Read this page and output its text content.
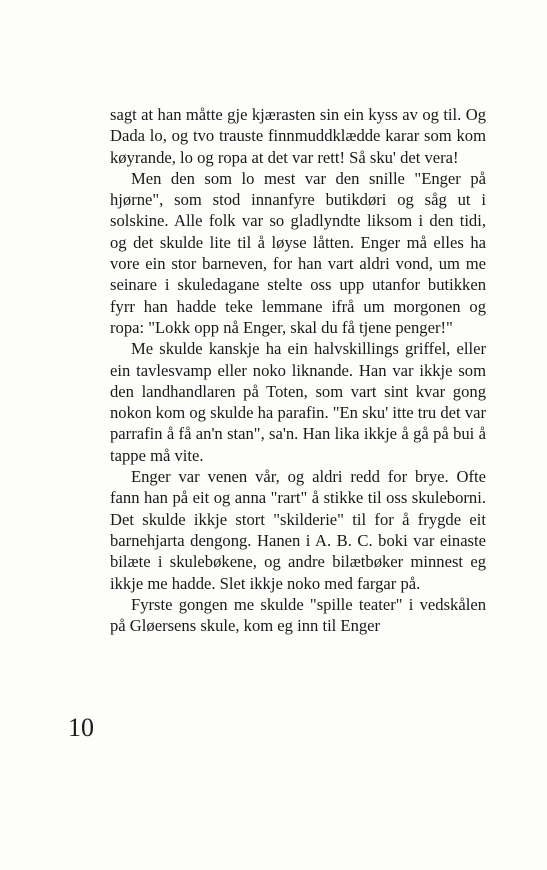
sagt at han måtte gje kjærasten sin ein kyss av og til. Og Dada lo, og tvo trauste finnmuddklædde karar som kom køyrande, lo og ropa at det var rett! Så sku' det vera!

Men den som lo mest var den snille "Enger på hjørne", som stod innanfyre butikdøri og såg ut i solskine. Alle folk var so gladlyndte liksom i den tidi, og det skulde lite til å løyse låtten. Enger må elles ha vore ein stor barneven, for han vart aldri vond, um me seinare i skuledagane stelte oss upp utanfor butikken fyrr han hadde teke lemmane ifrå um morgonen og ropa: "Lokk opp nå Enger, skal du få tjene penger!"

Me skulde kanskje ha ein halvskillings griffel, eller ein tavlesvamp eller noko liknande. Han var ikkje som den landhandlaren på Toten, som vart sint kvar gong nokon kom og skulde ha parafin. "En sku' itte tru det var parrafin å få an'n stan", sa'n. Han lika ikkje å gå på bui å tappe må vite.

Enger var venen vår, og aldri redd for brye. Ofte fann han på eit og anna "rart" å stikke til oss skuleborni. Det skulde ikkje stort "skilderie" til for å frygde eit barnehjarta dengong. Hanen i A. B. C. boki var einaste bilæte i skulebøkene, og andre bilætbøker minnest eg ikkje me hadde. Slet ikkje noko med fargar på.

Fyrste gongen me skulde "spille teater" i vedskålen på Gløersens skule, kom eg inn til Enger

10
